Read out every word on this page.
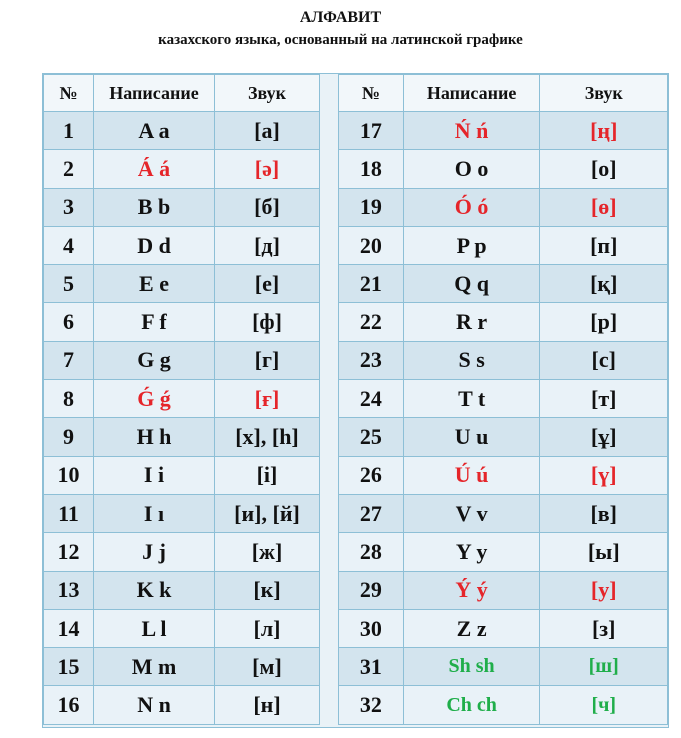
АЛФАВИТ
казахского языка, основанный на латинской графике
№	Написание	Звук
1	A a	[a]
2	Á á	[ә]
3	B b	[б]
4	D d	[д]
5	E e	[e]
6	F f	[ф]
7	G g	[г]
8	Ǵ ǵ	[ғ]
9	H h	[х], [h]
10	I i	[і]
11	I ı	[и], [й]
12	J j	[ж]
13	K k	[к]
14	L l	[л]
15	M m	[м]
16	N n	[н]
№	Написание	Звук
17	Ń ń	[ң]
18	O o	[о]
19	Ó ó	[ө]
20	P p	[п]
21	Q q	[қ]
22	R r	[р]
23	S s	[с]
24	T t	[т]
25	U u	[ұ]
26	Ú ú	[ү]
27	V v	[в]
28	Y y	[ы]
29	Ý ý	[у]
30	Z z	[з]
31	Sh sh	[ш]
32	Ch ch	[ч]
